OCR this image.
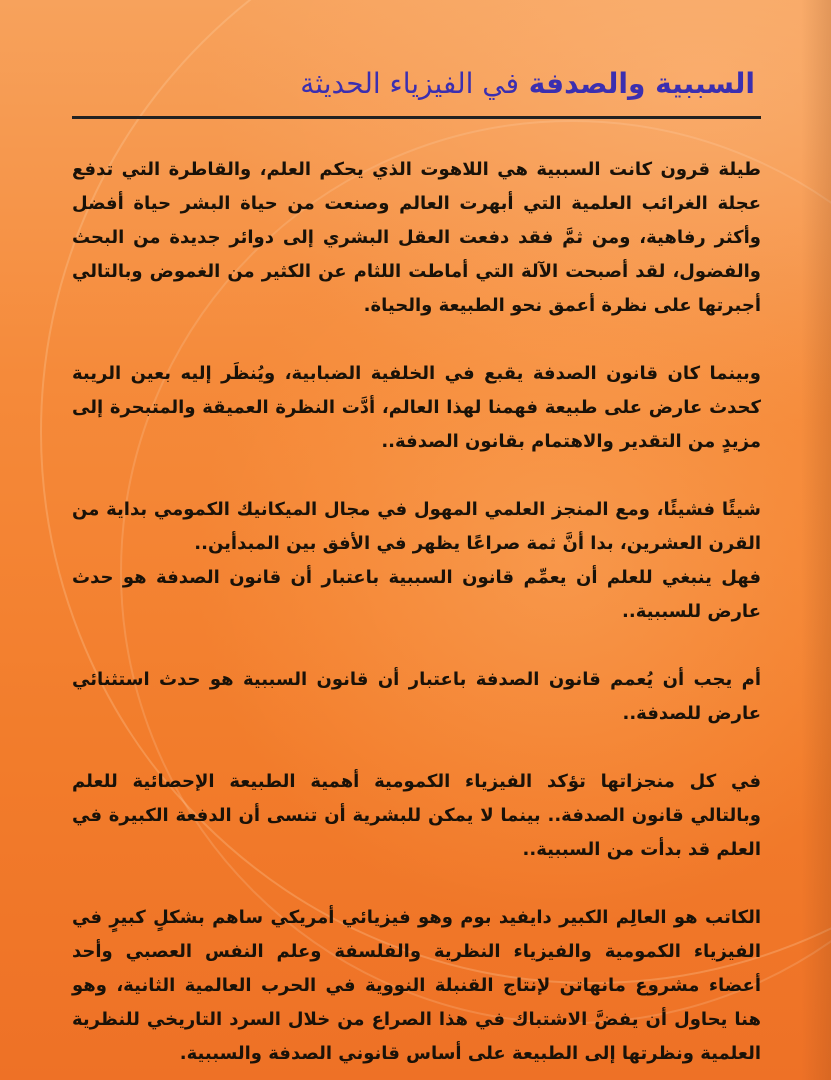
السببية والصدفة في الفيزياء الحديثة

طيلة قرون كانت السببية هي اللاهوت الذي يحكم العلم، والقاطرة التي تدفع عجلة الغرائب العلمية التي أبهرت العالم وصنعت من حياة البشر حياة أفضل وأكثر رفاهية، ومن ثمَّ فقد دفعت العقل البشري إلى دوائر جديدة من البحث والفضول، لقد أصبحت الآلة التي أماطت اللثام عن الكثير من الغموض وبالتالي أجبرتها على نظرة أعمق نحو الطبيعة والحياة.

وبينما كان قانون الصدفة يقبع في الخلفية الضبابية، ويُنظَر إليه بعين الريبة كحدث عارض على طبيعة فهمنا لهذا العالم، أدَّت النظرة العميقة والمتبحرة إلى مزيدٍ من التقدير والاهتمام بقانون الصدفة..

شيئًا فشيئًا، ومع المنجز العلمي المهول في مجال الميكانيك الكمومي بداية من القرن العشرين، بدا أنَّ ثمة صراعًا يظهر في الأفق بين المبدأين..

فهل ينبغي للعلم أن يعمِّم قانون السببية باعتبار أن قانون الصدفة هو حدث عارض للسببية..

أم يجب أن يُعمم قانون الصدفة باعتبار أن قانون السببية هو حدث استثنائي عارض للصدفة..

في كل منجزاتها تؤكد الفيزياء الكمومية أهمية الطبيعة الإحصائية للعلم وبالتالي قانون الصدفة.. بينما لا يمكن للبشرية أن تنسى أن الدفعة الكبيرة في العلم قد بدأت من السببية..

الكاتب هو العالِم الكبير دايفيد بوم وهو فيزيائي أمريكي ساهم بشكلٍ كبيرٍ في الفيزياء الكمومية والفيزياء النظرية والفلسفة وعلم النفس العصبي وأحد أعضاء مشروع مانهاتن لإنتاج القنبلة النووية في الحرب العالمية الثانية، وهو هنا يحاول أن يفضَّ الاشتباك في هذا الصراع من خلال السرد التاريخي للنظرية العلمية ونظرتها إلى الطبيعة على أساس قانوني الصدفة والسببية.
